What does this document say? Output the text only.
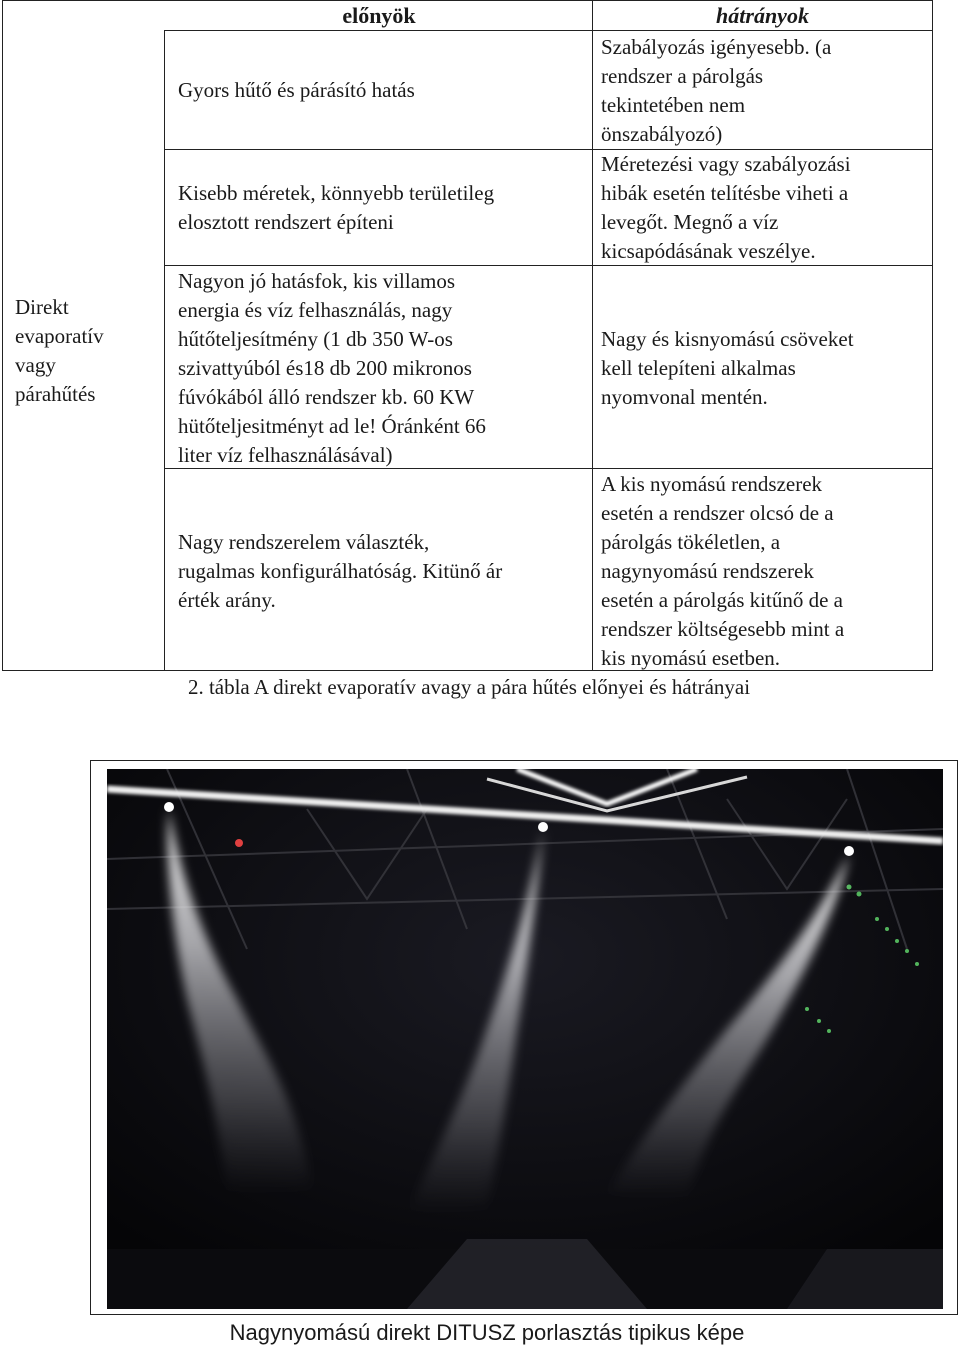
előnyök	hátrányok
Direkt
evaporatív
vagy
párahűtés
Gyors hűtő és párásító hatás
Szabályozás igényesebb. (a
rendszer a párolgás
tekintetében nem
önszabályozó)
Kisebb méretek, könnyebb területileg
elosztott rendszert építeni
Méretezési vagy szabályozási
hibák esetén telítésbe viheti a
levegőt. Megnő a víz
kicsapódásának veszélye.
Nagyon jó hatásfok, kis villamos
energia és víz felhasználás, nagy
hűtőteljesítmény (1 db 350 W-os
szivattyúból és18 db 200 mikronos
fúvókából álló rendszer kb. 60 KW
hütőteljesitményt ad le! Óránként 66
liter víz felhasználásával)
Nagy és kisnyomású csöveket
kell telepíteni alkalmas
nyomvonal mentén.
Nagy rendszerelem választék,
rugalmas konfigurálhatóság. Kitünő ár
érték arány.
A kis nyomású rendszerek
esetén a rendszer olcsó de a
párolgás tökéletlen, a
nagynyomású rendszerek
esetén a párolgás kitűnő de a
rendszer költségesebb mint a
kis nyomású esetben.
2. tábla A direkt evaporatív avagy a pára hűtés előnyei és hátrányai
Nagynyomású direkt DITUSZ porlasztás tipikus képe
